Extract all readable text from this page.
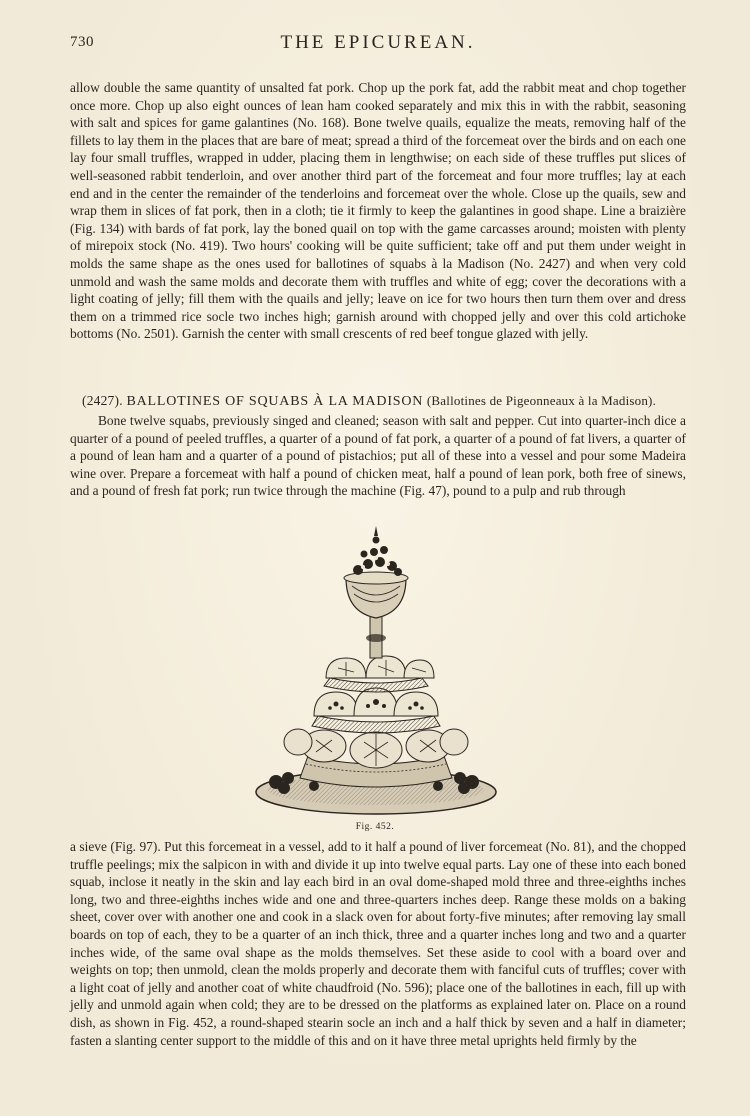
730	THE EPICUREAN.

allow double the same quantity of unsalted fat pork. Chop up the pork fat, add the rabbit meat and chop together once more. Chop up also eight ounces of lean ham cooked separately and mix this in with the rabbit, seasoning with salt and spices for game galantines (No. 168). Bone twelve quails, equalize the meats, removing half of the fillets to lay them in the places that are bare of meat; spread a third of the forcemeat over the birds and on each one lay four small truffles, wrapped in udder, placing them in lengthwise; on each side of these truffles put slices of well-seasoned rabbit tenderloin, and over another third part of the forcemeat and four more truffles; lay at each end and in the center the remainder of the tenderloins and forcemeat over the whole. Close up the quails, sew and wrap them in slices of fat pork, then in a cloth; tie it firmly to keep the galantines in good shape. Line a braizière (Fig. 134) with bards of fat pork, lay the boned quail on top with the game carcasses around; moisten with plenty of mirepoix stock (No. 419). Two hours' cooking will be quite sufficient; take off and put them under weight in molds the same shape as the ones used for ballotines of squabs à la Madison (No. 2427) and when very cold unmold and wash the same molds and decorate them with truffles and white of egg; cover the decorations with a light coating of jelly; fill them with the quails and jelly; leave on ice for two hours then turn them over and dress them on a trimmed rice socle two inches high; garnish around with chopped jelly and over this cold artichoke bottoms (No. 2501). Garnish the center with small crescents of red beef tongue glazed with jelly.

(2427). BALLOTINES OF SQUABS À LA MADISON (Ballotines de Pigeonneaux à la Madison).

Bone twelve squabs, previously singed and cleaned; season with salt and pepper. Cut into quarter-inch dice a quarter of a pound of peeled truffles, a quarter of a pound of fat pork, a quarter of a pound of fat livers, a quarter of a pound of lean ham and a quarter of a pound of pistachios; put all of these into a vessel and pour some Madeira wine over. Prepare a forcemeat with half a pound of chicken meat, half a pound of lean pork, both free of sinews, and a pound of fresh fat pork; run twice through the machine (Fig. 47), pound to a pulp and rub through

Fig. 452.

a sieve (Fig. 97). Put this forcemeat in a vessel, add to it half a pound of liver forcemeat (No. 81), and the chopped truffle peelings; mix the salpicon in with and divide it up into twelve equal parts. Lay one of these into each boned squab, inclose it neatly in the skin and lay each bird in an oval dome-shaped mold three and three-eighths inches long, two and three-eighths inches wide and one and three-quarters inches deep. Range these molds on a baking sheet, cover over with another one and cook in a slack oven for about forty-five minutes; after removing lay small boards on top of each, they to be a quarter of an inch thick, three and a quarter inches long and two and a quarter inches wide, of the same oval shape as the molds themselves. Set these aside to cool with a board over and weights on top; then unmold, clean the molds properly and decorate them with fanciful cuts of truffles; cover with a light coat of jelly and another coat of white chaudfroid (No. 596); place one of the ballotines in each, fill up with jelly and unmold again when cold; they are to be dressed on the platforms as explained later on. Place on a round dish, as shown in Fig. 452, a round-shaped stearin socle an inch and a half thick by seven and a half in diameter; fasten a slanting center support to the middle of this and on it have three metal uprights held firmly by the
